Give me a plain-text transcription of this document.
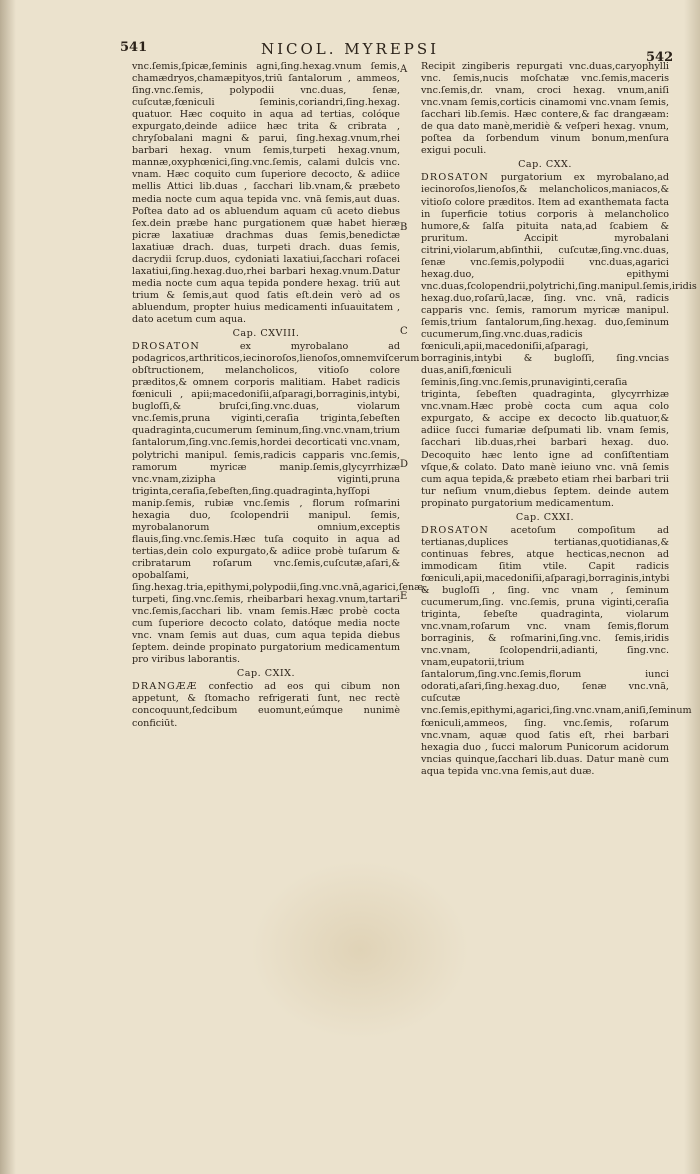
541	NICOL. MYREPSI	542
A
B
C
D
E

vnc.ſemis,ſpicæ,ſeminis agni,ſing.hexag.vnum ſemis, chamædryos,chamæpityos,triū ſantalorum , ammeos, ſing.vnc.ſemis, polypodii vnc.duas, ſenæ, cuſcutæ,fœniculi ſeminis,coriandri,ſing.hexag. quatuor. Hæc coquito in aqua ad tertias, colóque expurgato,deinde adiice hæc trita & cribrata , chryſobalani magni & parui, ſing.hexag.vnum,rhei barbari hexag. vnum ſemis,turpeti hexag.vnum, mannæ,oxyphœnici,ſing.vnc.ſemis, calami dulcis vnc. vnam. Hæc coquito cum ſuperiore decocto, & adiice mellis Attici lib.duas , ſacchari lib.vnam,& præbeto media nocte cum aqua tepida vnc. vnā ſemis,aut duas. Poſtea dato ad os abluendum aquam cū aceto diebus ſex.dein præbe hanc purgationem quæ habet hieræ picræ laxatiuæ drachmas duas ſemis,benedictæ laxatiuæ drach. duas, turpeti drach. duas ſemis, dacrydii ſcrup.duos, cydoniati laxatiui,ſacchari roſacei laxatiui,ſing.hexag.duo,rhei barbari hexag.vnum.Datur media nocte cum aqua tepida pondere hexag. triū aut trium & ſemis,aut quod ſatis eſt.dein verò ad os abluendum, propter huius medicamenti inſuauitatem , dato acetum cum aqua.

Cap. CXVIII.

DROSATON	ex myrobalano ad podagricos,arthriticos,iecinoroſos,lienoſos,omnemviſcerum obſtructionem, melancholicos, vitioſo colore præditos,& omnem corporis malitiam. Habet radicis fœniculi , apii;macedoniſii,aſparagi,borraginis,intybi, bugloſſi,& bruſci,ſing.vnc.duas, violarum vnc.ſemis,pruna viginti,ceraſia triginta,ſebeſten quadraginta,cucumerum ſeminum,ſing.vnc.vnam,trium ſantalorum,ſing.vnc.ſemis,hordei decorticati vnc.vnam, polytrichi manipul. ſemis,radicis capparis vnc.ſemis, ramorum myricæ manip.ſemis,glycyrrhizæ vnc.vnam,ziziphа viginti,pruna triginta,ceraſia,ſebeſten,ſing.quadraginta,hyſſopi manip.ſemis, rubiæ vnc.ſemis , florum roſmarini hexagia duo, ſcolopendrii manipul. ſemis, myrobalanorum omnium,exceptis flauis,ſing.vnc.ſemis.Hæc tuſa coquito in aqua ad tertias,dein colo expurgato,& adiice probè tuſarum & cribratarum roſarum vnc.ſemis,cuſcutæ,aſari,& opobalſami, ſing.hexag.tria,epithymi,polypodii,ſing.vnc.vnā,agarici,ſenæ, turpeti, ſing.vnc.ſemis, rheibarbari hexag.vnum,tartari vnc.ſemis,ſacchari lib. vnam ſemis.Hæc probè cocta cum ſuperiore decocto colato, datóque media nocte vnc. vnam ſemis aut duas, cum aqua tepida diebus ſeptem. deinde propinato purgatorium medicamentum pro viribus laborantis.

Cap. CXIX.

DRANGÆÆ confectio ad eos qui cibum non appetunt, & ſtomacho refrigerati ſunt, nec rectè concoquunt,ſedcibum euomunt,eúmque nunimè conficiūt.

Recipit zingiberis repurgati vnc.duas,caryophylli vnc. ſemis,nucis moſchatæ vnc.ſemis,maceris vnc.ſemis,dr. vnam, croci hexag. vnum,aniſi vnc.vnam ſemis,corticis cinamomi vnc.vnam ſemis, ſacchari lib.ſemis. Hæc contere,& fac drangæam: de qua dato manè,meridiè & veſperi hexag. vnum, poſtea da ſorbendum vinum bonum,menſura exigui poculi.

Cap. CXX.

DROSATON purgatorium ex myrobalano,ad iecinoroſos,lienoſos,& melancholicos,maniacos,& vitioſo colore præditos. Item ad exanthemata facta in ſuperficie totius corporis à melancholico humore,& ſalſa pituita nata,ad ſcabiem & pruritum. Accipit myrobalani citrini,violarum,abſinthii, cuſcutæ,ſing.vnc.duas, ſenæ vnc.ſemis,polypodii vnc.duas,agarici hexag.duo, epithymi vnc.duas,ſcolopendrii,polytrichi,ſing.manipul.ſemis,iridis hexag.duo,roſarū,lacæ, ſing. vnc. vnā, radicis capparis vnc. ſemis, ramorum myricæ manipul. ſemis,trium ſantalorum,ſing.hexag. duo,ſeminum cucumerum,ſing.vnc.duas,radicis fœniculi,apii,macedoniſii,aſparagi, borraginis,intybi & bugloſſi, ſing.vncias duas,aniſi,fœniculi ſeminis,ſing.vnc.ſemis,prunaviginti,ceraſia triginta, ſebeſten quadraginta, glycyrrhizæ vnc.vnam.Hæc probè cocta cum aqua colo expurgato, & accipe ex decocto lib.quatuor,& adiice ſucci fumariæ deſpumati lib. vnam ſemis, ſacchari lib.duas,rhei barbari hexag. duo. Decoquito hæc lento igne ad conſiſtentiam vſque,& colato. Dato manè ieiuno vnc. vnā ſemis cum aqua tepida,& præbeto etiam rhei barbari trii tur neſium vnum,diebus ſeptem. deinde autem propinato purgatorium medicamentum.

Cap. CXXI.

DROSATON acetoſum compoſitum ad tertianas,duplices tertianas,quotidianas,& continuas febres, atque hecticas,necnon ad immodicam ſitim vtile. Capit radicis fœniculi,apii,macedoniſii,aſparagi,borraginis,intybi & bugloſſi , ſing. vnc vnam , ſeminum cucumerum,ſing. vnc.ſemis, pruna viginti,ceraſia triginta, ſebeſte quadraginta, violarum vnc.vnam,roſarum vnc. vnam ſemis,florum borraginis, & roſmarini,ſing.vnc. ſemis,iridis vnc.vnam, ſcolopendrii,adianti, ſing.vnc. vnam,eupatorii,trium ſantalorum,ſing.vnc.ſemis,florum iunci odorati,aſari,ſing.hexag.duo, ſenæ vnc.vnā, cuſcutæ vnc.ſemis,epithymi,agarici,ſing.vnc.vnam,aniſi,ſeminum fœniculi,ammeos, ſing. vnc.ſemis, roſarum vnc.vnam, aquæ quod ſatis eſt, rhei barbari hexagia duo , ſucci malorum Punicorum acidorum vncias quinque,ſacchari lib.duas. Datur manè cum aqua tepida vnc.vna ſemis,aut duæ.
